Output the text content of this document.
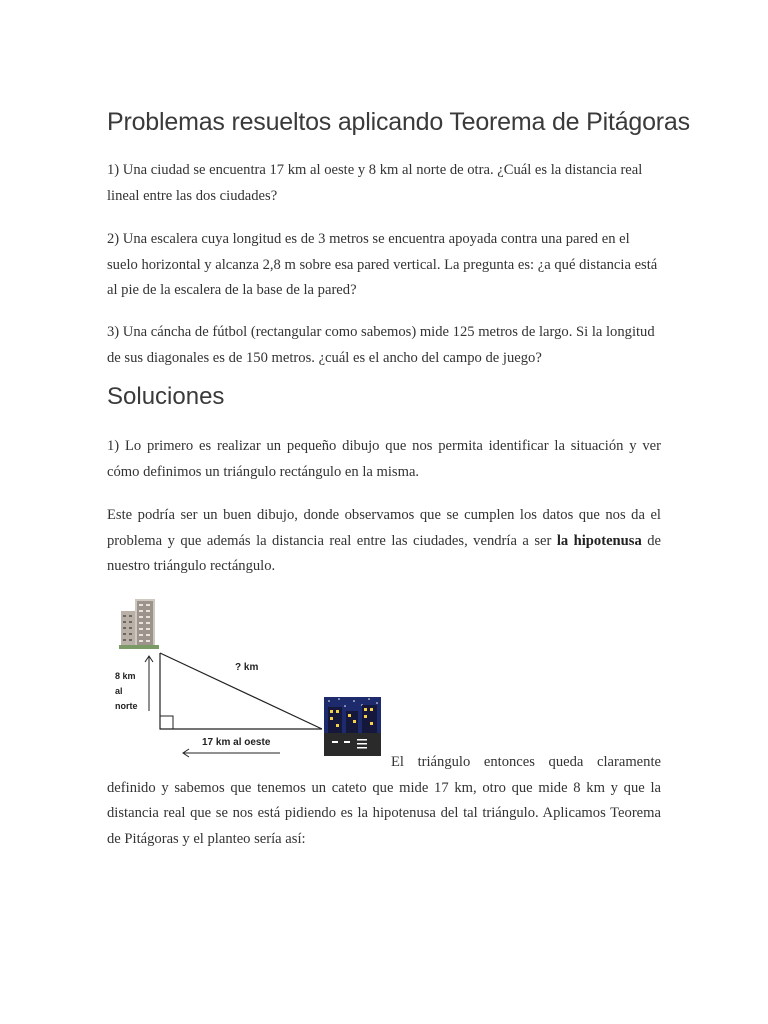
Problemas resueltos aplicando Teorema de Pitágoras

1) Una ciudad se encuentra 17 km al oeste y 8 km al norte de otra. ¿Cuál es la distancia real lineal entre las dos ciudades?

2) Una escalera cuya longitud es de 3 metros se encuentra apoyada contra una pared en el suelo horizontal y alcanza 2,8 m sobre esa pared vertical. La pregunta es: ¿a qué distancia está al pie de la escalera de la base de la pared?

3) Una cáncha de fútbol (rectangular como sabemos) mide 125 metros de largo. Si la longitud de sus diagonales es de 150 metros. ¿cuál es el ancho del campo de juego?

Soluciones

1) Lo primero es realizar un pequeño dibujo que nos permita identificar la situación y ver cómo definimos un triángulo rectángulo en la misma.

Este podría ser un buen dibujo, donde observamos que se cumplen los datos que nos da el problema y que además la distancia real entre las ciudades, vendría a ser la hipotenusa de nuestro triángulo rectángulo.

El triángulo entonces queda claramente definido y sabemos que tenemos un cateto que mide 17 km, otro que mide 8 km y que la distancia real que se nos está pidiendo es la hipotenusa del tal triángulo. Aplicamos Teorema de Pitágoras y el planteo sería así:

? km
8 km
al
norte
17 km al oeste
